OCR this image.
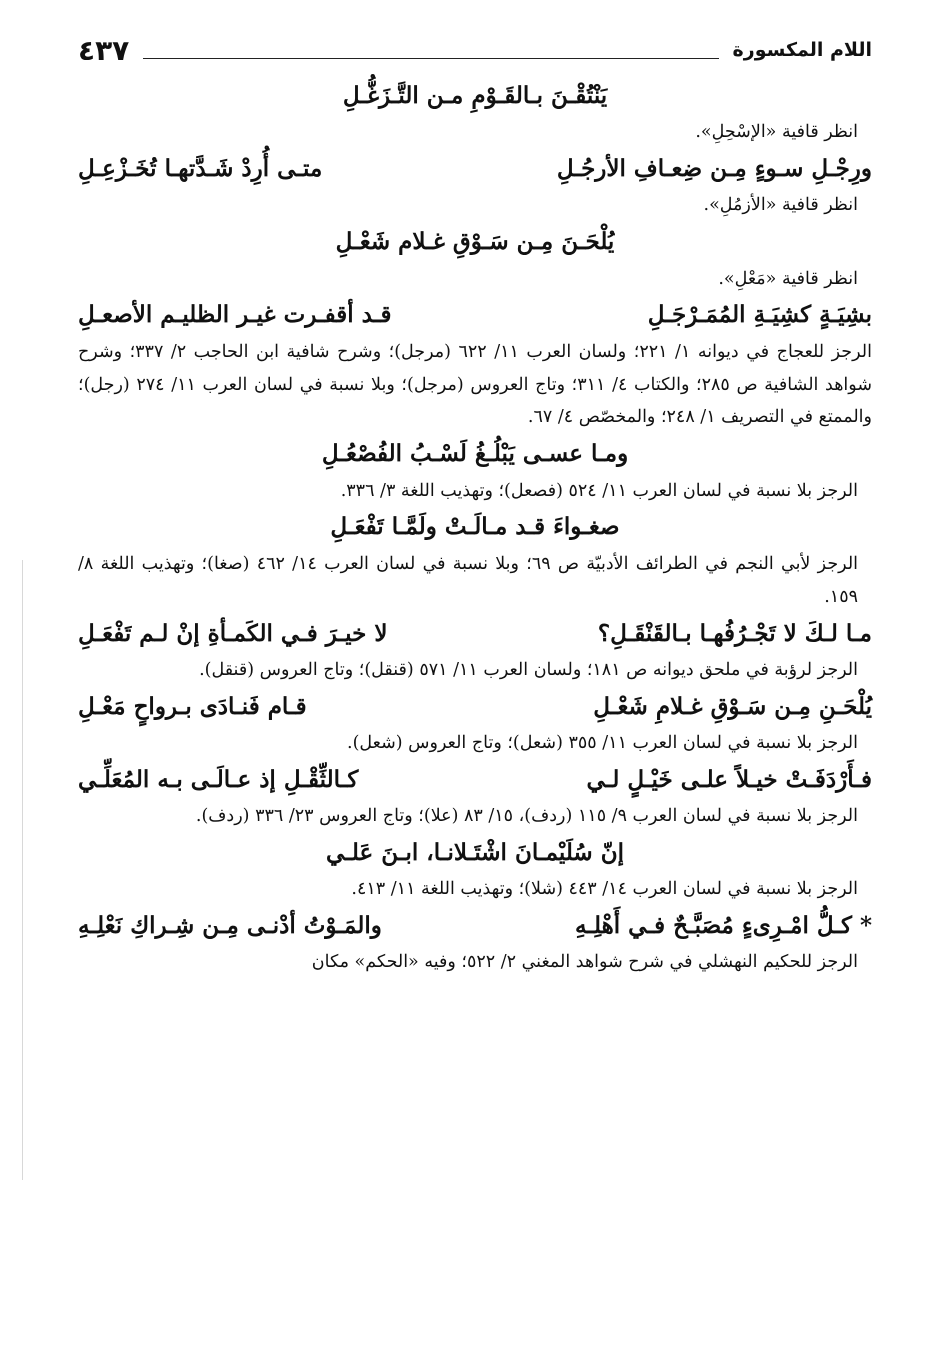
اللام المكسورة
٤٣٧
يَنْتُقْـنَ بـالقَـوْمِ مـن التَّـزَغُّـلِ
انظر قافية «الإسْحِلِ».
ورِجْـلِ سـوءٍ مِـن ضِعـافِ الأرجُـلِ
متـى أُرِدْ شَـدَّتهـا تُخَـزْعِـلِ
انظر قافية «الأزمُلِ».
يُلْحَـنَ مِـن سَـوْقِ غـلام شَعْـلِ
انظر قافية «مَعْلِ».
بشِيَـةٍ كشِيَـةِ المُمَـرْجَـلِ
قـد أقفـرت غيـر الظليـم الأصعـلِ
الرجز للعجاج في ديوانه ١/ ٢٢١؛ ولسان العرب ١١/ ٦٢٢ (مرجل)؛ وشرح شافية ابن الحاجب ٢/ ٣٣٧؛ وشرح شواهد الشافية ص ٢٨٥؛ والكتاب ٤/ ٣١١؛ وتاج العروس (مرجل)؛ وبلا نسبة في لسان العرب ١١/ ٢٧٤ (رجل)؛ والممتع في التصريف ١/ ٢٤٨؛ والمخصّص ٤/ ٦٧.
ومـا عسـى يَبْلُـغُ لَسْـبُ الفُصْعُـلِ
الرجز بلا نسبة في لسان العرب ١١/ ٥٢٤ (فصعل)؛ وتهذيب اللغة ٣/ ٣٣٦.
صغـواءَ قـد مـالَـتْ ولَمَّـا تَفْعَـلِ
الرجز لأبي النجم في الطرائف الأدبيّة ص ٦٩؛ وبلا نسبة في لسان العرب ١٤/ ٤٦٢ (صغا)؛ وتهذيب اللغة ٨/ ١٥٩.
مـا لـكَ لا تَجْـرُفُهـا بـالقَنْقَـلِ؟
لا خيـرَ فـي الكَمـأةِ إنْ لـم تَفْعَـلِ
الرجز لرؤبة في ملحق ديوانه ص ١٨١؛ ولسان العرب ١١/ ٥٧١ (قنقل)؛ وتاج العروس (قنقل).
يُلْحَـنِ مِـن سَـوْقِ غـلامِ شَعْـلِ
قـام فَنـادَى بـرواحٍ مَعْـلِ
الرجز بلا نسبة في لسان العرب ١١/ ٣٥٥ (شعل)؛ وتاج العروس (شعل).
فـأَرْدَفَـتْ خيـلاً علـى خَيْـلٍ لـي
كـالثِّقْـلِ إذ عـالَـى بـه المُعَلِّـي
الرجز بلا نسبة في لسان العرب ٩/ ١١٥ (ردف)، ١٥/ ٨٣ (علا)؛ وتاج العروس ٢٣/ ٣٣٦ (ردف).
إنّ سُلَيْمـانَ اشْتَـلانـا، ابـنَ عَلـي
الرجز بلا نسبة في لسان العرب ١٤/ ٤٤٣ (شلا)؛ وتهذيب اللغة ١١/ ٤١٣.
* كـلُّ امْـرِىءٍ مُصَبَّـحٌ فـي أَهْلِـهِ
والمَـوْتُ أدْنـى مِـن شِـراكِ نَعْلِـهِ
الرجز للحكيم النهشلي في شرح شواهد المغني ٢/ ٥٢٢؛ وفيه «الحكم» مكان
